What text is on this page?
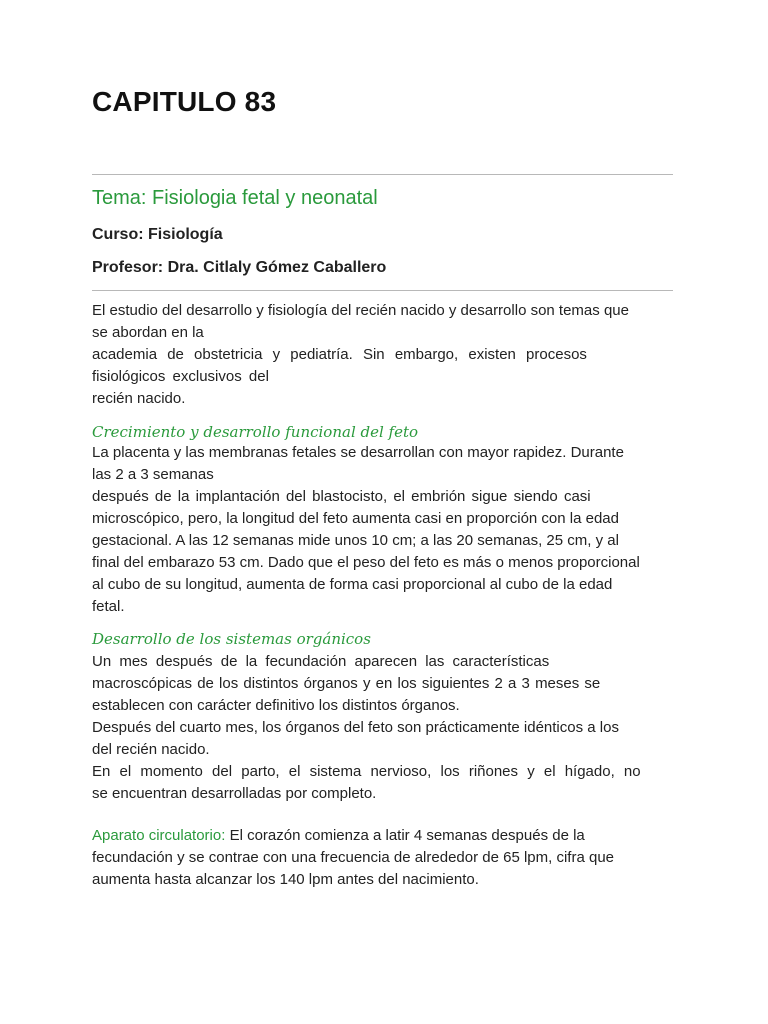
CAPITULO 83
Tema: Fisiologia fetal y neonatal
Curso: Fisiología
Profesor: Dra. Citlaly Gómez Caballero
El estudio del desarrollo y fisiología del recién nacido y desarrollo son temas que
se abordan en la
academia de obstetricia y pediatría. Sin embargo, existen procesos
fisiológicos exclusivos del
recién nacido.
Crecimiento y desarrollo funcional del feto
La placenta y las membranas fetales se desarrollan con mayor rapidez. Durante
las 2 a 3 semanas
después de la implantación del blastocisto, el embrión sigue siendo casi
microscópico, pero, la longitud del feto aumenta casi en proporción con la edad
gestacional. A las 12 semanas mide unos 10 cm; a las 20 semanas, 25 cm, y al
final del embarazo 53 cm. Dado que el peso del feto es más o menos proporcional
al cubo de su longitud, aumenta de forma casi proporcional al cubo de la edad
fetal.
Desarrollo de los sistemas orgánicos
Un mes después de la fecundación aparecen las características
macroscópicas de los distintos órganos y en los siguientes 2 a 3 meses se
establecen con carácter definitivo los distintos órganos.
Después del cuarto mes, los órganos del feto son prácticamente idénticos a los
del recién nacido.
En el momento del parto, el sistema nervioso, los riñones y el hígado, no
se encuentran desarrolladas por completo.
Aparato circulatorio: El corazón comienza a latir 4 semanas después de la
fecundación y se contrae con una frecuencia de alrededor de 65 lpm, cifra que
aumenta hasta alcanzar los 140 lpm antes del nacimiento.
